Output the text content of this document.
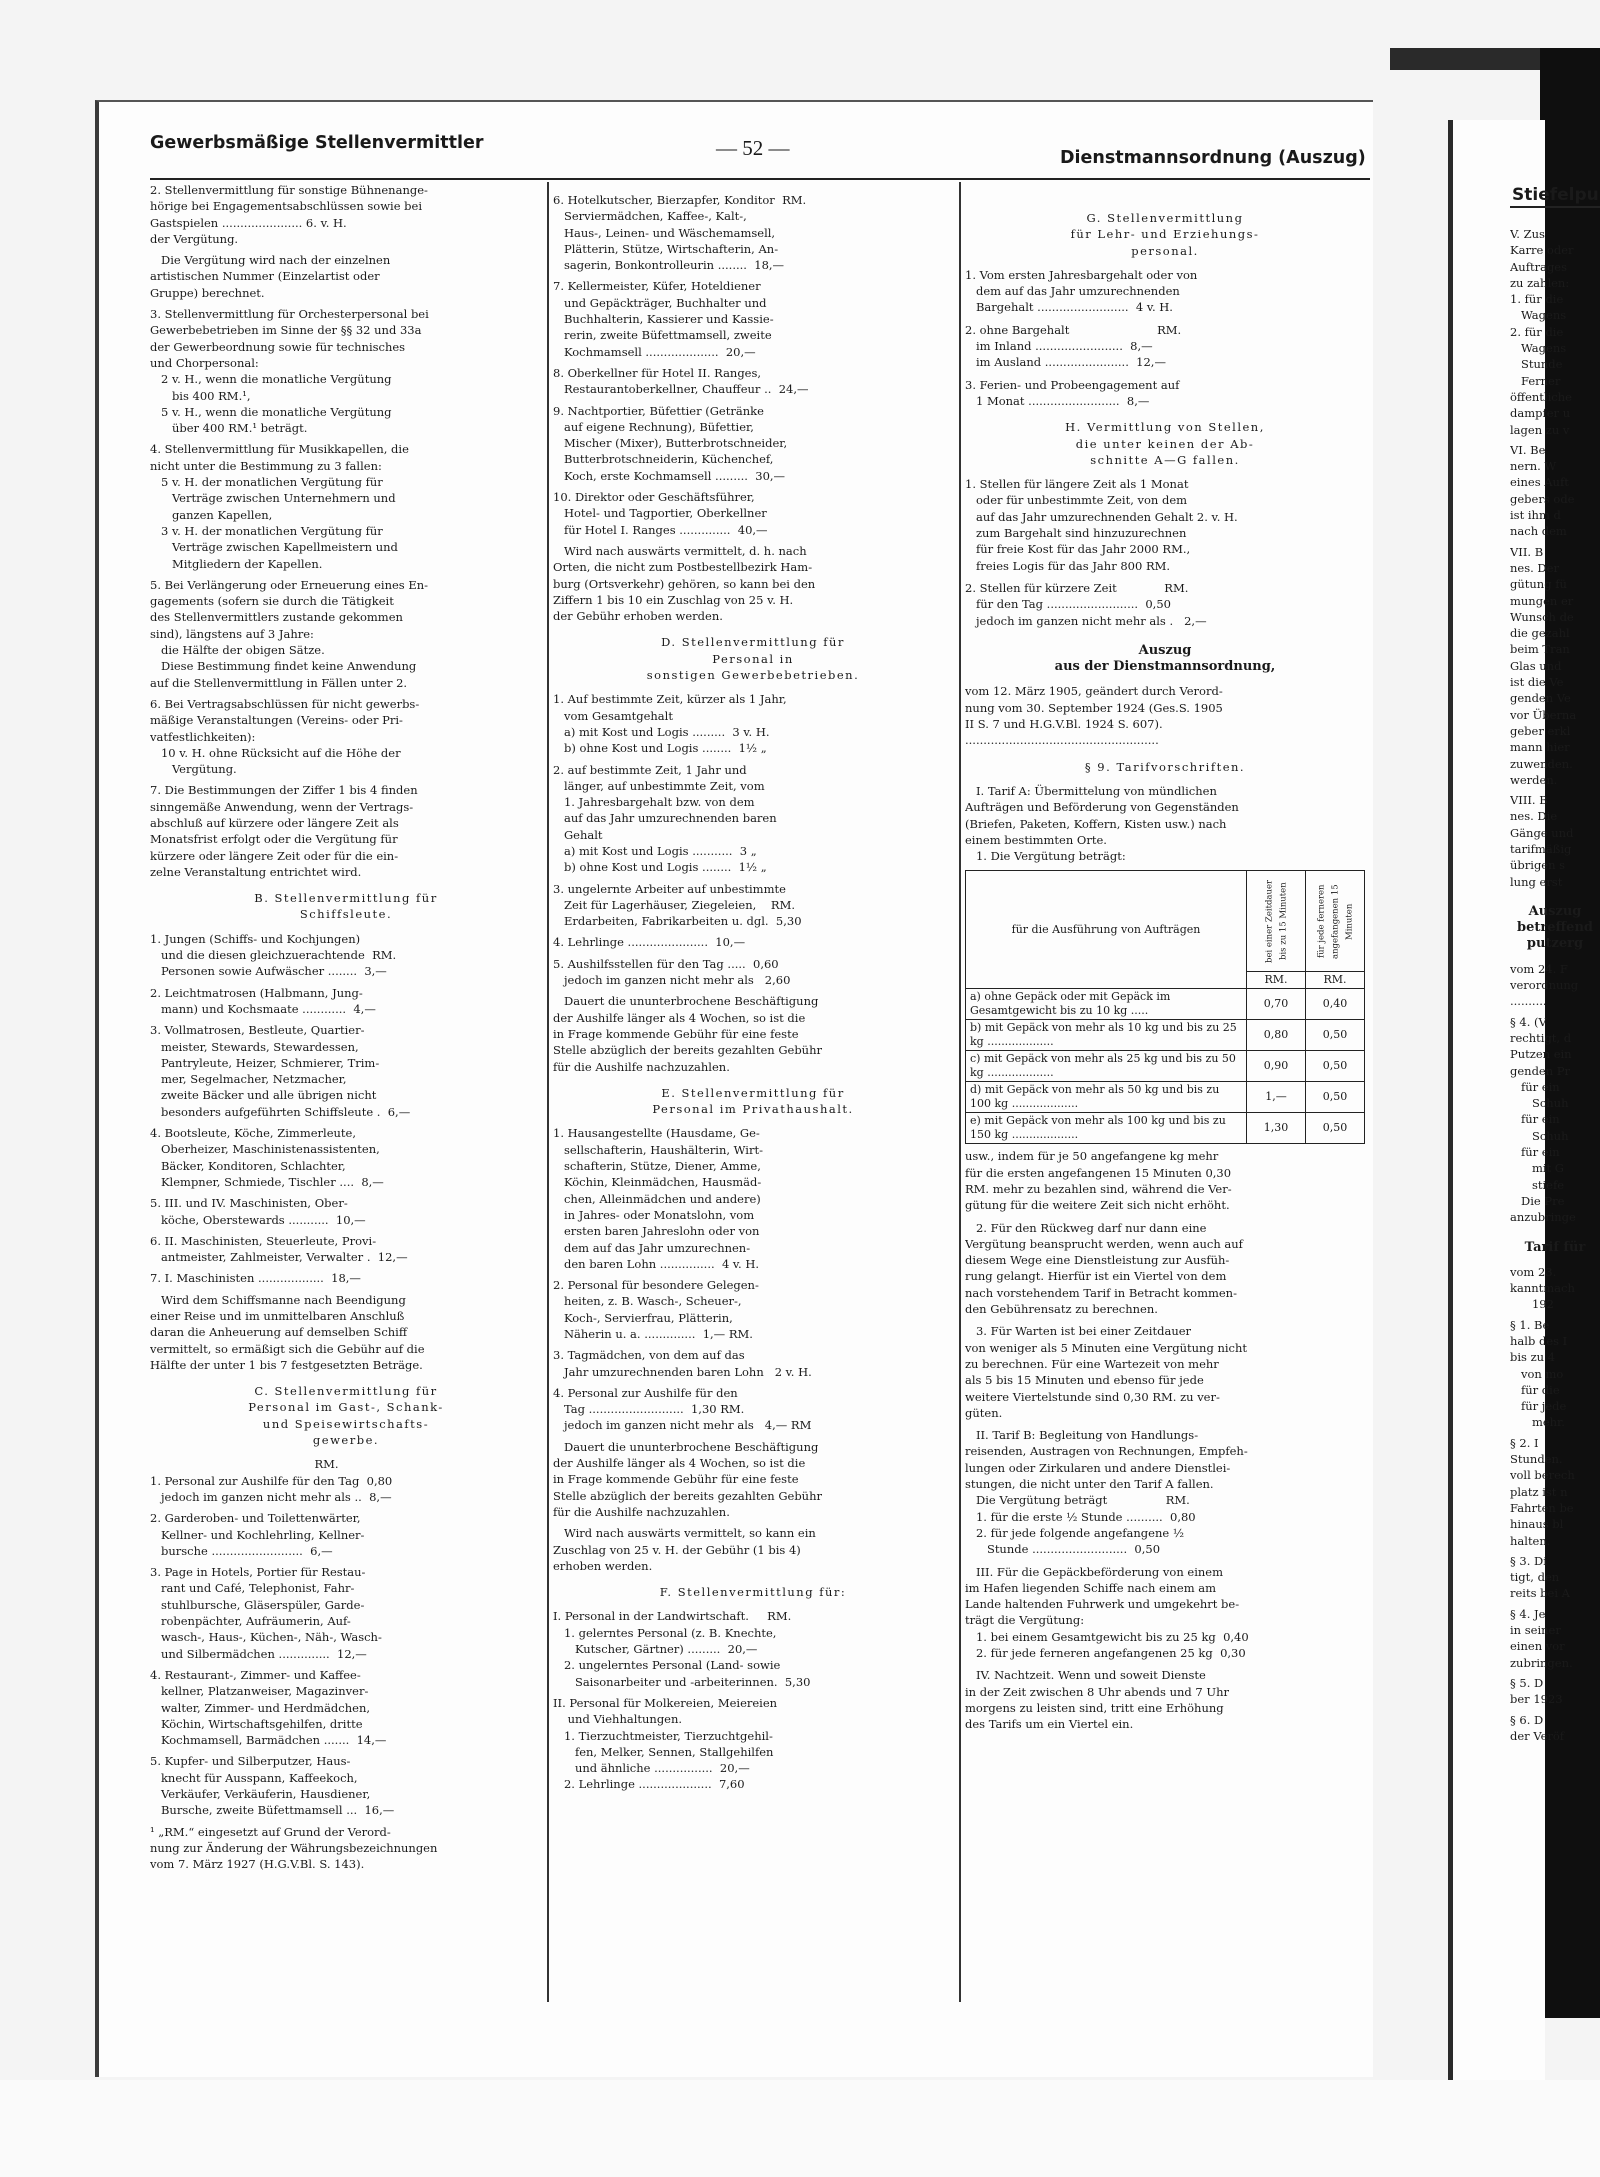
Gewerbsmäßige Stellenvermittler	— 52 —	Dienstmannsordnung (Auszug)
Stiefelpu
2. Stellenvermittlung für sonstige Bühnenange-
hörige bei Engagementsabschlüssen sowie bei
Gastspielen ...................... 6. v. H.
der Vergütung.
Die Vergütung wird nach der einzelnen
artistischen Nummer (Einzelartist oder
Gruppe) berechnet.
3. Stellenvermittlung für Orchesterpersonal bei
Gewerbebetrieben im Sinne der §§ 32 und 33a
der Gewerbeordnung sowie für technisches
und Chorpersonal:
2 v. H., wenn die monatliche Vergütung
bis 400 RM.¹,
5 v. H., wenn die monatliche Vergütung
über 400 RM.¹ beträgt.
4. Stellenvermittlung für Musikkapellen, die
nicht unter die Bestimmung zu 3 fallen:
5 v. H. der monatlichen Vergütung für
Verträge zwischen Unternehmern und
ganzen Kapellen,
3 v. H. der monatlichen Vergütung für
Verträge zwischen Kapellmeistern und
Mitgliedern der Kapellen.
5. Bei Verlängerung oder Erneuerung eines En-
gagements (sofern sie durch die Tätigkeit
des Stellenvermittlers zustande gekommen
sind), längstens auf 3 Jahre:
die Hälfte der obigen Sätze.
Diese Bestimmung findet keine Anwendung
auf die Stellenvermittlung in Fällen unter 2.
6. Bei Vertragsabschlüssen für nicht gewerbs-
mäßige Veranstaltungen (Vereins- oder Pri-
vatfestlichkeiten):
10 v. H. ohne Rücksicht auf die Höhe der
Vergütung.
7. Die Bestimmungen der Ziffer 1 bis 4 finden
sinngemäße Anwendung, wenn der Vertrags-
abschluß auf kürzere oder längere Zeit als
Monatsfrist erfolgt oder die Vergütung für
kürzere oder längere Zeit oder für die ein-
zelne Veranstaltung entrichtet wird.
B. Stellenvermittlung für
Schiffsleute.
1. Jungen (Schiffs- und Kochjungen)
und die diesen gleichzuerachtende  RM.
Personen sowie Aufwäscher ........  3,—
2. Leichtmatrosen (Halbmann, Jung-
mann) und Kochsmaate ............  4,—
3. Vollmatrosen, Bestleute, Quartier-
meister, Stewards, Stewardessen,
Pantryleute, Heizer, Schmierer, Trim-
mer, Segelmacher, Netzmacher,
zweite Bäcker und alle übrigen nicht
besonders aufgeführten Schiffsleute .  6,—
4. Bootsleute, Köche, Zimmerleute,
Oberheizer, Maschinistenassistenten,
Bäcker, Konditoren, Schlachter,
Klempner, Schmiede, Tischler ....  8,—
5. III. und IV. Maschinisten, Ober-
köche, Oberstewards ...........  10,—
6. II. Maschinisten, Steuerleute, Provi-
antmeister, Zahlmeister, Verwalter .  12,—
7. I. Maschinisten ..................  18,—
Wird dem Schiffsmanne nach Beendigung
einer Reise und im unmittelbaren Anschluß
daran die Anheuerung auf demselben Schiff
vermittelt, so ermäßigt sich die Gebühr auf die
Hälfte der unter 1 bis 7 festgesetzten Beträge.
C. Stellenvermittlung für
Personal im Gast-, Schank-
und Speisewirtschafts-
gewerbe.
RM.
1. Personal zur Aushilfe für den Tag  0,80
jedoch im ganzen nicht mehr als ..  8,—
2. Garderoben- und Toilettenwärter,
Kellner- und Kochlehrling, Kellner-
bursche .........................  6,—
3. Page in Hotels, Portier für Restau-
rant und Café, Telephonist, Fahr-
stuhlbursche, Gläserspüler, Garde-
robenpächter, Aufräumerin, Auf-
wasch-, Haus-, Küchen-, Näh-, Wasch-
und Silbermädchen ..............  12,—
4. Restaurant-, Zimmer- und Kaffee-
kellner, Platzanweiser, Magazinver-
walter, Zimmer- und Herdmädchen,
Köchin, Wirtschaftsgehilfen, dritte
Kochmamsell, Barmädchen .......  14,—
5. Kupfer- und Silberputzer, Haus-
knecht für Ausspann, Kaffeekoch,
Verkäufer, Verkäuferin, Hausdiener,
Bursche, zweite Büfettmamsell ...  16,—
¹ „RM.“ eingesetzt auf Grund der Verord-
nung zur Änderung der Währungsbezeichnungen
vom 7. März 1927 (H.G.V.Bl. S. 143).
6. Hotelkutscher, Bierzapfer, Konditor  RM.
Serviermädchen, Kaffee-, Kalt-,
Haus-, Leinen- und Wäschemamsell,
Plätterin, Stütze, Wirtschafterin, An-
sagerin, Bonkontrolleurin ........  18,—
7. Kellermeister, Küfer, Hoteldiener
und Gepäckträger, Buchhalter und
Buchhalterin, Kassierer und Kassie-
rerin, zweite Büfettmamsell, zweite
Kochmamsell ....................  20,—
8. Oberkellner für Hotel II. Ranges,
Restaurantoberkellner, Chauffeur ..  24,—
9. Nachtportier, Büfettier (Getränke
auf eigene Rechnung), Büfettier,
Mischer (Mixer), Butterbrotschneider,
Butterbrotschneiderin, Küchenchef,
Koch, erste Kochmamsell .........  30,—
10. Direktor oder Geschäftsführer,
Hotel- und Tagportier, Oberkellner
für Hotel I. Ranges ..............  40,—
Wird nach auswärts vermittelt, d. h. nach
Orten, die nicht zum Postbestellbezirk Ham-
burg (Ortsverkehr) gehören, so kann bei den
Ziffern 1 bis 10 ein Zuschlag von 25 v. H.
der Gebühr erhoben werden.
D. Stellenvermittlung für
Personal in
sonstigen Gewerbebetrieben.
1. Auf bestimmte Zeit, kürzer als 1 Jahr,
vom Gesamtgehalt
a) mit Kost und Logis .........  3 v. H.
b) ohne Kost und Logis ........  1½ „
2. auf bestimmte Zeit, 1 Jahr und
länger, auf unbestimmte Zeit, vom
1. Jahresbargehalt bzw. von dem
auf das Jahr umzurechnenden baren
Gehalt
a) mit Kost und Logis ...........  3 „
b) ohne Kost und Logis ........  1½ „
3. ungelernte Arbeiter auf unbestimmte
Zeit für Lagerhäuser, Ziegeleien,    RM.
Erdarbeiten, Fabrikarbeiten u. dgl.  5,30
4. Lehrlinge ......................  10,—
5. Aushilfsstellen für den Tag .....  0,60
jedoch im ganzen nicht mehr als   2,60
Dauert die ununterbrochene Beschäftigung
der Aushilfe länger als 4 Wochen, so ist die
in Frage kommende Gebühr für eine feste
Stelle abzüglich der bereits gezahlten Gebühr
für die Aushilfe nachzuzahlen.
E. Stellenvermittlung für
Personal im Privathaushalt.
1. Hausangestellte (Hausdame, Ge-
sellschafterin, Haushälterin, Wirt-
schafterin, Stütze, Diener, Amme,
Köchin, Kleinmädchen, Hausmäd-
chen, Alleinmädchen und andere)
in Jahres- oder Monatslohn, vom
ersten baren Jahreslohn oder von
dem auf das Jahr umzurechnen-
den baren Lohn ...............  4 v. H.
2. Personal für besondere Gelegen-
heiten, z. B. Wasch-, Scheuer-,
Koch-, Servierfrau, Plätterin,
Näherin u. a. ..............  1,— RM.
3. Tagmädchen, von dem auf das
Jahr umzurechnenden baren Lohn   2 v. H.
4. Personal zur Aushilfe für den
Tag ..........................  1,30 RM.
jedoch im ganzen nicht mehr als   4,— RM
Dauert die ununterbrochene Beschäftigung
der Aushilfe länger als 4 Wochen, so ist die
in Frage kommende Gebühr für eine feste
Stelle abzüglich der bereits gezahlten Gebühr
für die Aushilfe nachzuzahlen.
Wird nach auswärts vermittelt, so kann ein
Zuschlag von 25 v. H. der Gebühr (1 bis 4)
erhoben werden.
F. Stellenvermittlung für:
I. Personal in der Landwirtschaft.     RM.
1. gelerntes Personal (z. B. Knechte,
Kutscher, Gärtner) .........  20,—
2. ungelerntes Personal (Land- sowie
Saisonarbeiter und -arbeiterinnen.  5,30
II. Personal für Molkereien, Meiereien
und Viehhaltungen.
1. Tierzuchtmeister, Tierzuchtgehil-
fen, Melker, Sennen, Stallgehilfen
und ähnliche ................  20,—
2. Lehrlinge ....................  7,60
G. Stellenvermittlung
für Lehr- und Erziehungs-
personal.
1. Vom ersten Jahresbargehalt oder von
dem auf das Jahr umzurechnenden
Bargehalt .........................  4 v. H.
2. ohne Bargehalt                        RM.
im Inland ........................  8,—
im Ausland .......................  12,—
3. Ferien- und Probeengagement auf
1 Monat .........................  8,—
H. Vermittlung von Stellen,
die unter keinen der Ab-
schnitte A—G fallen.
1. Stellen für längere Zeit als 1 Monat
oder für unbestimmte Zeit, von dem
auf das Jahr umzurechnenden Gehalt 2. v. H.
zum Bargehalt sind hinzuzurechnen
für freie Kost für das Jahr 2000 RM.,
freies Logis für das Jahr 800 RM.
2. Stellen für kürzere Zeit             RM.
für den Tag .........................  0,50
jedoch im ganzen nicht mehr als .   2,—
Auszug
aus der Dienstmannsordnung,
vom 12. März 1905, geändert durch Verord-
nung vom 30. September 1924 (Ges.S. 1905
II S. 7 und H.G.V.Bl. 1924 S. 607).
.....................................................
§ 9. Tarifvorschriften.
I. Tarif A: Übermittelung von mündlichen
Aufträgen und Beförderung von Gegenständen
(Briefen, Paketen, Koffern, Kisten usw.) nach
einem bestimmten Orte.
1. Die Vergütung beträgt:
für die Ausführung von Aufträgen	bei einer Zeitdauer bis zu 15 Minuten	für jede ferneren angefangenen 15 Minuten
	RM.	RM.
a) ohne Gepäck oder mit Gepäck im Gesamtgewicht bis zu 10 kg .....	0,70	0,40
b) mit Gepäck von mehr als 10 kg und bis zu 25 kg ...................	0,80	0,50
c) mit Gepäck von mehr als 25 kg und bis zu 50 kg ...................	0,90	0,50
d) mit Gepäck von mehr als 50 kg und bis zu 100 kg ...................	1,—	0,50
e) mit Gepäck von mehr als 100 kg und bis zu 150 kg ...................	1,30	0,50
usw., indem für je 50 angefangene kg mehr
für die ersten angefangenen 15 Minuten 0,30
RM. mehr zu bezahlen sind, während die Ver-
gütung für die weitere Zeit sich nicht erhöht.
2. Für den Rückweg darf nur dann eine
Vergütung beansprucht werden, wenn auch auf
diesem Wege eine Dienstleistung zur Ausfüh-
rung gelangt. Hierfür ist ein Viertel von dem
nach vorstehendem Tarif in Betracht kommen-
den Gebührensatz zu berechnen.
3. Für Warten ist bei einer Zeitdauer
von weniger als 5 Minuten eine Vergütung nicht
zu berechnen. Für eine Wartezeit von mehr
als 5 bis 15 Minuten und ebenso für jede
weitere Viertelstunde sind 0,30 RM. zu ver-
güten.
II. Tarif B: Begleitung von Handlungs-
reisenden, Austragen von Rechnungen, Empfeh-
lungen oder Zirkularen und andere Dienstlei-
stungen, die nicht unter den Tarif A fallen.
Die Vergütung beträgt                RM.
1. für die erste ½ Stunde ..........  0,80
2. für jede folgende angefangene ½
Stunde ..........................  0,50
III. Für die Gepäckbeförderung von einem
im Hafen liegenden Schiffe nach einem am
Lande haltenden Fuhrwerk und umgekehrt be-
trägt die Vergütung:
1. bei einem Gesamtgewicht bis zu 25 kg  0,40
2. für jede ferneren angefangenen 25 kg  0,30
IV. Nachtzeit. Wenn und soweit Dienste
in der Zeit zwischen 8 Uhr abends und 7 Uhr
morgens zu leisten sind, tritt eine Erhöhung
des Tarifs um ein Viertel ein.
V. Zus
Karre oder
Auftrages
zu zahlen:
1. für die
Wagens
2. für die
Wagens
Stunde
Ferner
öffentliche
dampfer u
lagen zu v
VI. Be
nern. W
eines Auft
gebers ode
ist ihm d
nach dem
VII. B
nes. Der
gütung fü
mungen er
Wunsch de
die gezahl
beim Tran
Glas und
ist die Ve
genden Ve
vor Überna
geber erkl
mann hier
zuwenden.
werden.
VIII. B
nes. Die
Gänge und
tarifmäßig
übrigen s
lung erst
Auszug
betreffend
putzerg
vom 24. F
verordnung
..........
§ 4. (V
rechtigt, d
Putzen ein
genden Pr
für ein
Schuh
für ein
Schuh
für ein
mit G
stiefe
Die Pre
anzubringe
Tarif für
vom 23.
kanntmach
192
§ 1. Be
halb des I
bis zu 4
von mo
für die
für jede
mehr.
§ 2. I
Stunden.
voll berech
platz ist n
Fahrten be
hinaus bl
halten.
§ 3. Di
tigt, den
reits bei A
§ 4. Je
in seiner
einen vor
zubringen.
§ 5. D
ber 1923
§ 6. D
der Veröf
